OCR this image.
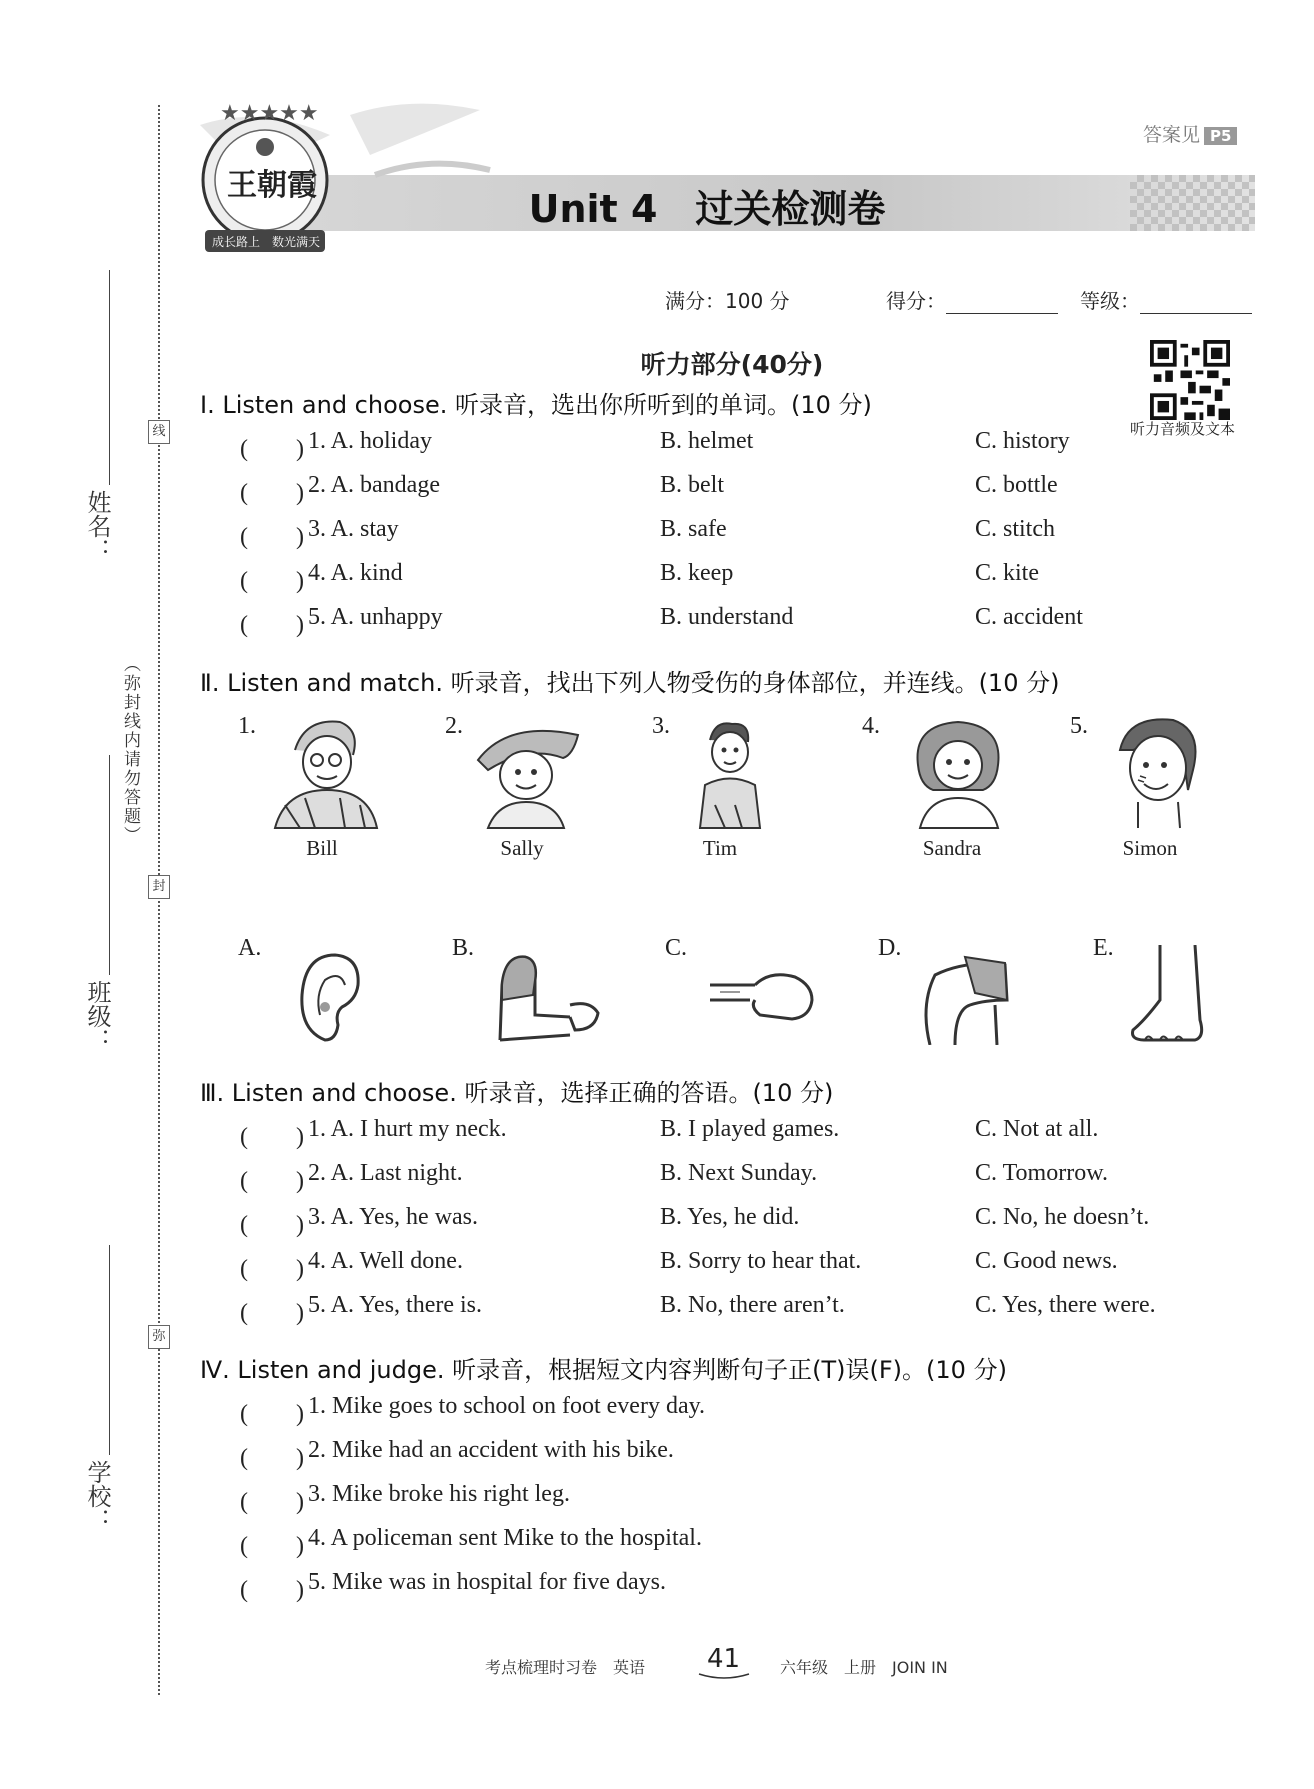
姓名：
班级：
学校：
（弥封线内请勿答题）
线
封
弥
★★★★★
王朝霞
成长路上　数光满天
答案见 P5
Unit 4　过关检测卷
满分：100 分	得分：	等级：
听力部分(40分)
听力音频及文本
Ⅰ. Listen and choose. 听录音，选出你所听到的单词。(10 分)
(　　) 1. A. holiday	B. helmet	C. history
(　　) 2. A. bandage	B. belt	C. bottle
(　　) 3. A. stay	B. safe	C. stitch
(　　) 4. A. kind	B. keep	C. kite
(　　) 5. A. unhappy	B. understand	C. accident
Ⅱ. Listen and match. 听录音，找出下列人物受伤的身体部位，并连线。(10 分)
1.	2.	3.	4.	5.
Bill	Sally	Tim	Sandra	Simon
A.	B.	C.	D.	E.
Ⅲ. Listen and choose. 听录音，选择正确的答语。(10 分)
(　　) 1. A. I hurt my neck.	B. I played games.	C. Not at all.
(　　) 2. A. Last night.	B. Next Sunday.	C. Tomorrow.
(　　) 3. A. Yes, he was.	B. Yes, he did.	C. No, he doesn’t.
(　　) 4. A. Well done.	B. Sorry to hear that.	C. Good news.
(　　) 5. A. Yes, there is.	B. No, there aren’t.	C. Yes, there were.
Ⅳ. Listen and judge. 听录音，根据短文内容判断句子正(T)误(F)。(10 分)
(　　) 1. Mike goes to school on foot every day.
(　　) 2. Mike had an accident with his bike.
(　　) 3. Mike broke his right leg.
(　　) 4. A policeman sent Mike to the hospital.
(　　) 5. Mike was in hospital for five days.
考点梳理时习卷　英语 41 六年级　上册　JOIN IN
